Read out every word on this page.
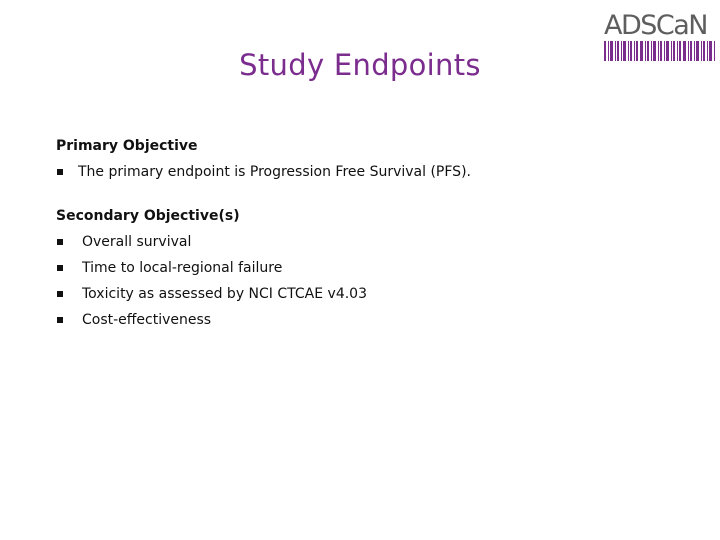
Study Endpoints
ADSCaN
Primary Objective
The primary endpoint is Progression Free Survival (PFS).
Secondary Objective(s)
Overall survival
Time to local-regional failure
Toxicity as assessed by NCI CTCAE v4.03
Cost-effectiveness
